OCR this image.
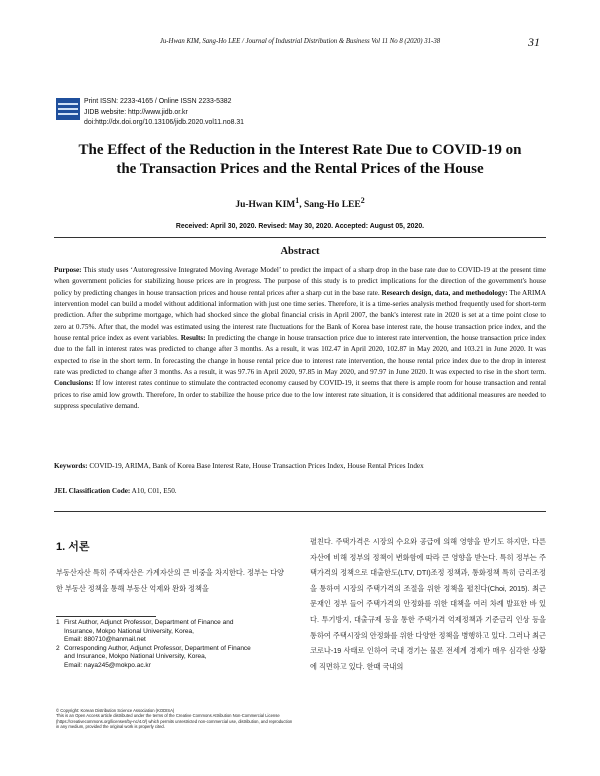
Ju-Hwan KIM, Sang-Ho LEE / Journal of Industrial Distribution & Business Vol 11 No 8 (2020) 31-38	31
Print ISSN: 2233-4165 / Online ISSN 2233-5382
JIDB website: http://www.jidb.or.kr
doi:http://dx.doi.org/10.13106/jidb.2020.vol11.no8.31
The Effect of the Reduction in the Interest Rate Due to COVID-19 on
the Transaction Prices and the Rental Prices of the House
Ju-Hwan KIM$^1$, Sang-Ho LEE$^2$
Received: April 30, 2020. Revised: May 30, 2020. Accepted: August 05, 2020.
Abstract
Purpose: This study uses ‘Autoregressive Integrated Moving Average Model’ to predict the impact of a sharp drop in the base rate due to COVID-19 at the present time when government policies for stabilizing house prices are in progress. The purpose of this study is to predict implications for the direction of the government's house policy by predicting changes in house transaction prices and house rental prices after a sharp cut in the base rate. Research design, data, and methodology: The ARIMA intervention model can build a model without additional information with just one time series. Therefore, it is a time-series analysis method frequently used for short-term prediction. After the subprime mortgage, which had shocked since the global financial crisis in April 2007, the bank's interest rate in 2020 is set at a time point close to zero at 0.75%. After that, the model was estimated using the interest rate fluctuations for the Bank of Korea base interest rate, the house transaction price index, and the house rental price index as event variables. Results: In predicting the change in house transaction price due to interest rate intervention, the house transaction price index due to the fall in interest rates was predicted to change after 3 months. As a result, it was 102.47 in April 2020, 102.87 in May 2020, and 103.21 in June 2020. It was expected to rise in the short term. In forecasting the change in house rental price due to interest rate intervention, the house rental price index due to the drop in interest rate was predicted to change after 3 months. As a result, it was 97.76 in April 2020, 97.85 in May 2020, and 97.97 in June 2020. It was expected to rise in the short term. Conclusions: If low interest rates continue to stimulate the contracted economy caused by COVID-19, it seems that there is ample room for house transaction and rental prices to rise amid low growth. Therefore, In order to stabilize the house price due to the low interest rate situation, it is considered that additional measures are needed to suppress speculative demand.
Keywords: COVID-19, ARIMA, Bank of Korea Base Interest Rate, House Transaction Prices Index, House Rental Prices Index
JEL Classification Code: A10, C01, E50.
1. 서론
부동산자산 특히 주택자산은 가계자산의 큰 비중을 차지한다. 정부는 다양한 부동산 정책을 통해 부동산 억제와 완화 정책을
1 First Author, Adjunct Professor, Department of Finance and
Insurance, Mokpo National University, Korea,
Email: 880710@hanmail.net
2 Corresponding Author, Adjunct Professor, Department of Finance
and Insurance, Mokpo National University, Korea,
Email: naya245@mokpo.ac.kr
© Copyright: Korean Distribution Science Association (KODISA)
This is an Open Access article distributed under the terms of the Creative Commons Attribution Non-Commercial License (https://creativecommons.org/licenses/by-nc/4.0/) which permits unrestricted non-commercial use, distribution, and reproduction in any medium, provided the original work is properly cited.
펼친다. 주택가격은 시장의 수요와 공급에 의해 영향을 받기도 하지만, 다른 자산에 비해 정부의 정책이 변화함에 따라 큰 영향을 받는다. 특히 정부는 주택가격의 정책으로 대출한도(LTV, DTI)조정 정책과, 통화정책 특히 금리조정을 통하여 시장의 주택가격의 조절을 위한 정책을 펼친다(Choi, 2015). 최근 문재인 정부 들어 주택가격의 안정화를 위한 대책을 여러 차례 발표한 바 있다. 투기방지, 대출규제 등을 통한 주택가격 억제정책과 기준금리 인상 등을 통하여 주택시장의 안정화를 위한 다양한 정책을 병행하고 있다. 그러나 최근 코로나-19 사태로 인하여 국내 경기는 물론 전세계 경제가 매우 심각한 상황에 직면하고 있다. 한때 국내의
